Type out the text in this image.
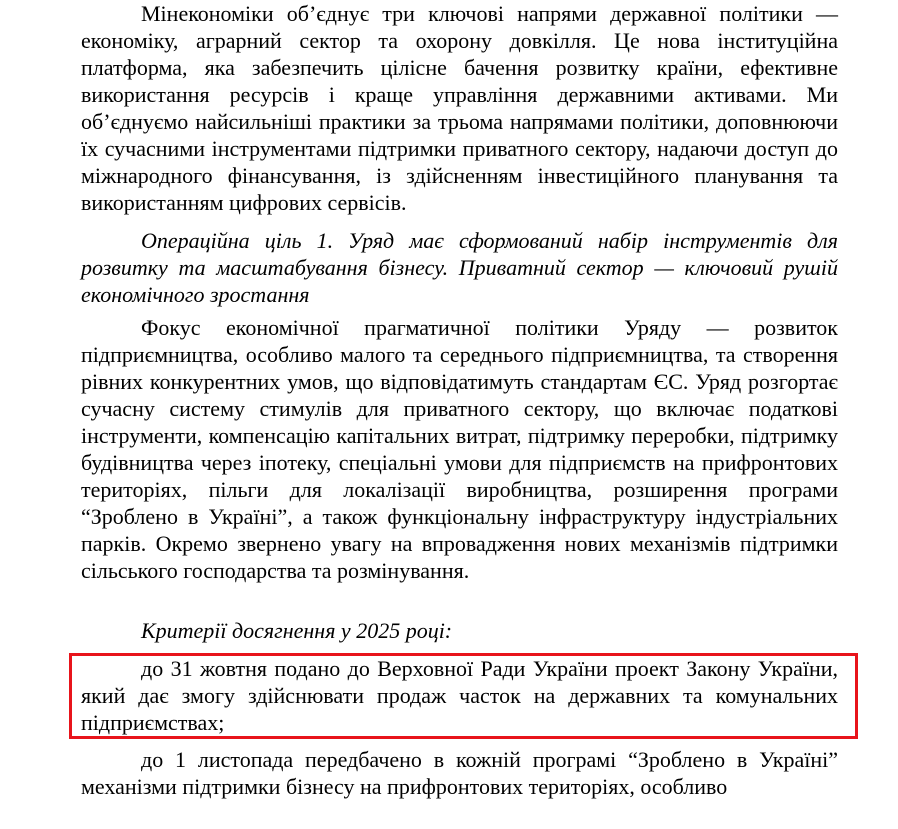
Мінекономіки об’єднує три ключові напрями державної політики — економіку, аграрний сектор та охорону довкілля. Це нова інституційна платформа, яка забезпечить цілісне бачення розвитку країни, ефективне використання ресурсів і краще управління державними активами. Ми об’єднуємо найсильніші практики за трьома напрямами політики, доповнюючи їх сучасними інструментами підтримки приватного сектору, надаючи доступ до міжнародного фінансування, із здійсненням інвестиційного планування та використанням цифрових сервісів.

Операційна ціль 1. Уряд має сформований набір інструментів для розвитку та масштабування бізнесу. Приватний сектор — ключовий рушій економічного зростання

Фокус економічної прагматичної політики Уряду — розвиток підприємництва, особливо малого та середнього підприємництва, та створення рівних конкурентних умов, що відповідатимуть стандартам ЄС. Уряд розгортає сучасну систему стимулів для приватного сектору, що включає податкові інструменти, компенсацію капітальних витрат, підтримку переробки, підтримку будівництва через іпотеку, спеціальні умови для підприємств на прифронтових територіях, пільги для локалізації виробництва, розширення програми “Зроблено в Україні”, а також функціональну інфраструктуру індустріальних парків. Окремо звернено увагу на впровадження нових механізмів підтримки сільського господарства та розмінування.

Критерії досягнення у 2025 році:

до 31 жовтня подано до Верховної Ради України проект Закону України, який дає змогу здійснювати продаж часток на державних та комунальних підприємствах;

до 1 листопада передбачено в кожній програмі “Зроблено в Україні” механізми підтримки бізнесу на прифронтових територіях, особливо
